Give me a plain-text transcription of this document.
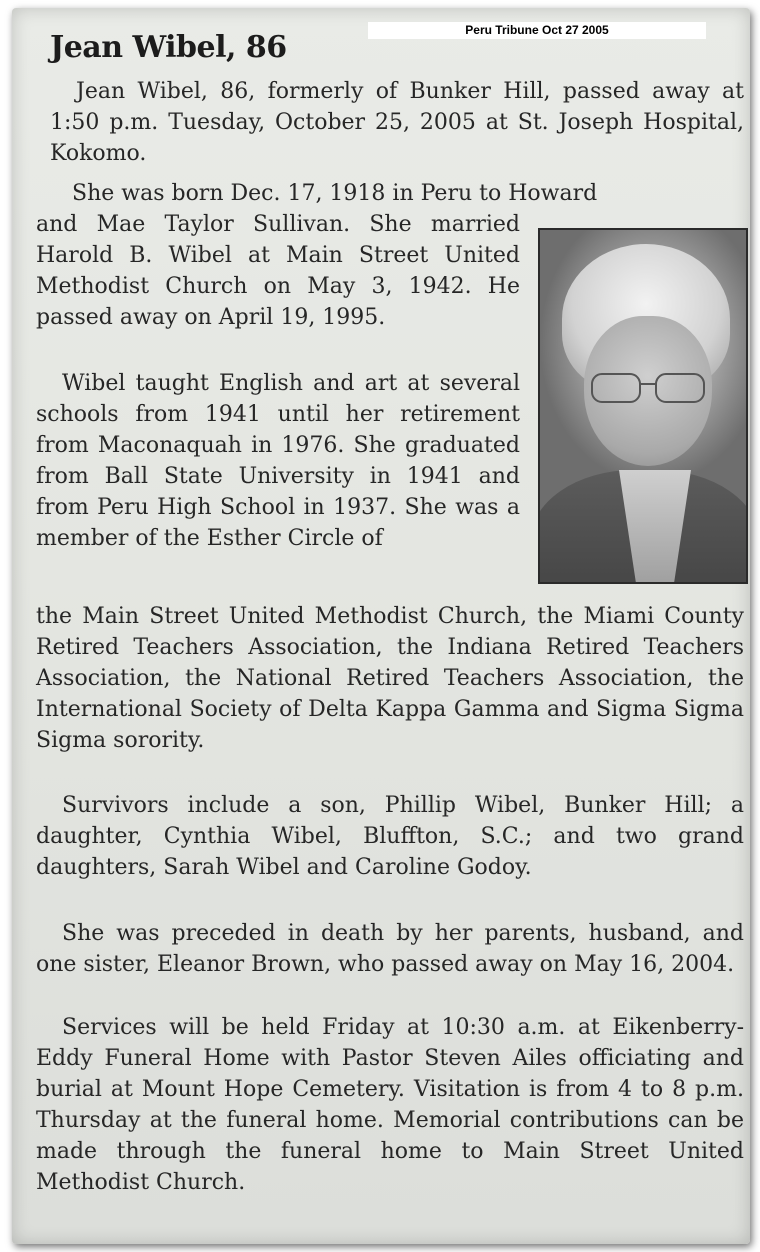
Jean Wibel, 86
Jean Wibel, 86, formerly of Bunker Hill, passed away at 1:50 p.m. Tuesday, October 25, 2005 at St. Joseph Hospital, Kokomo.
She was born Dec. 17, 1918 in Peru to Howard
and Mae Taylor Sullivan. She married Harold B. Wibel at Main Street United Methodist Church on May 3, 1942. He passed away on April 19, 1995.
Wibel taught English and art at several schools from 1941 until her retirement from Maconaquah in 1976. She graduated from Ball State University in 1941 and from Peru High School in 1937. She was a member of the Esther Circle of
the Main Street United Methodist Church, the Miami County Retired Teachers Association, the Indiana Retired Teachers Association, the National Retired Teachers Association, the International Society of Delta Kappa Gamma and Sigma Sigma Sigma sorority.
Survivors include a son, Phillip Wibel, Bunker Hill; a daughter, Cynthia Wibel, Bluffton, S.C.; and two grand daughters, Sarah Wibel and Caroline Godoy.
She was preceded in death by her parents, husband, and one sister, Eleanor Brown, who passed away on May 16, 2004.
Services will be held Friday at 10:30 a.m. at Eikenberry-Eddy Funeral Home with Pastor Steven Ailes officiating and burial at Mount Hope Cemetery. Visitation is from 4 to 8 p.m. Thursday at the funeral home. Memorial contributions can be made through the funeral home to Main Street United Methodist Church.
Peru Tribune Oct 27 2005
